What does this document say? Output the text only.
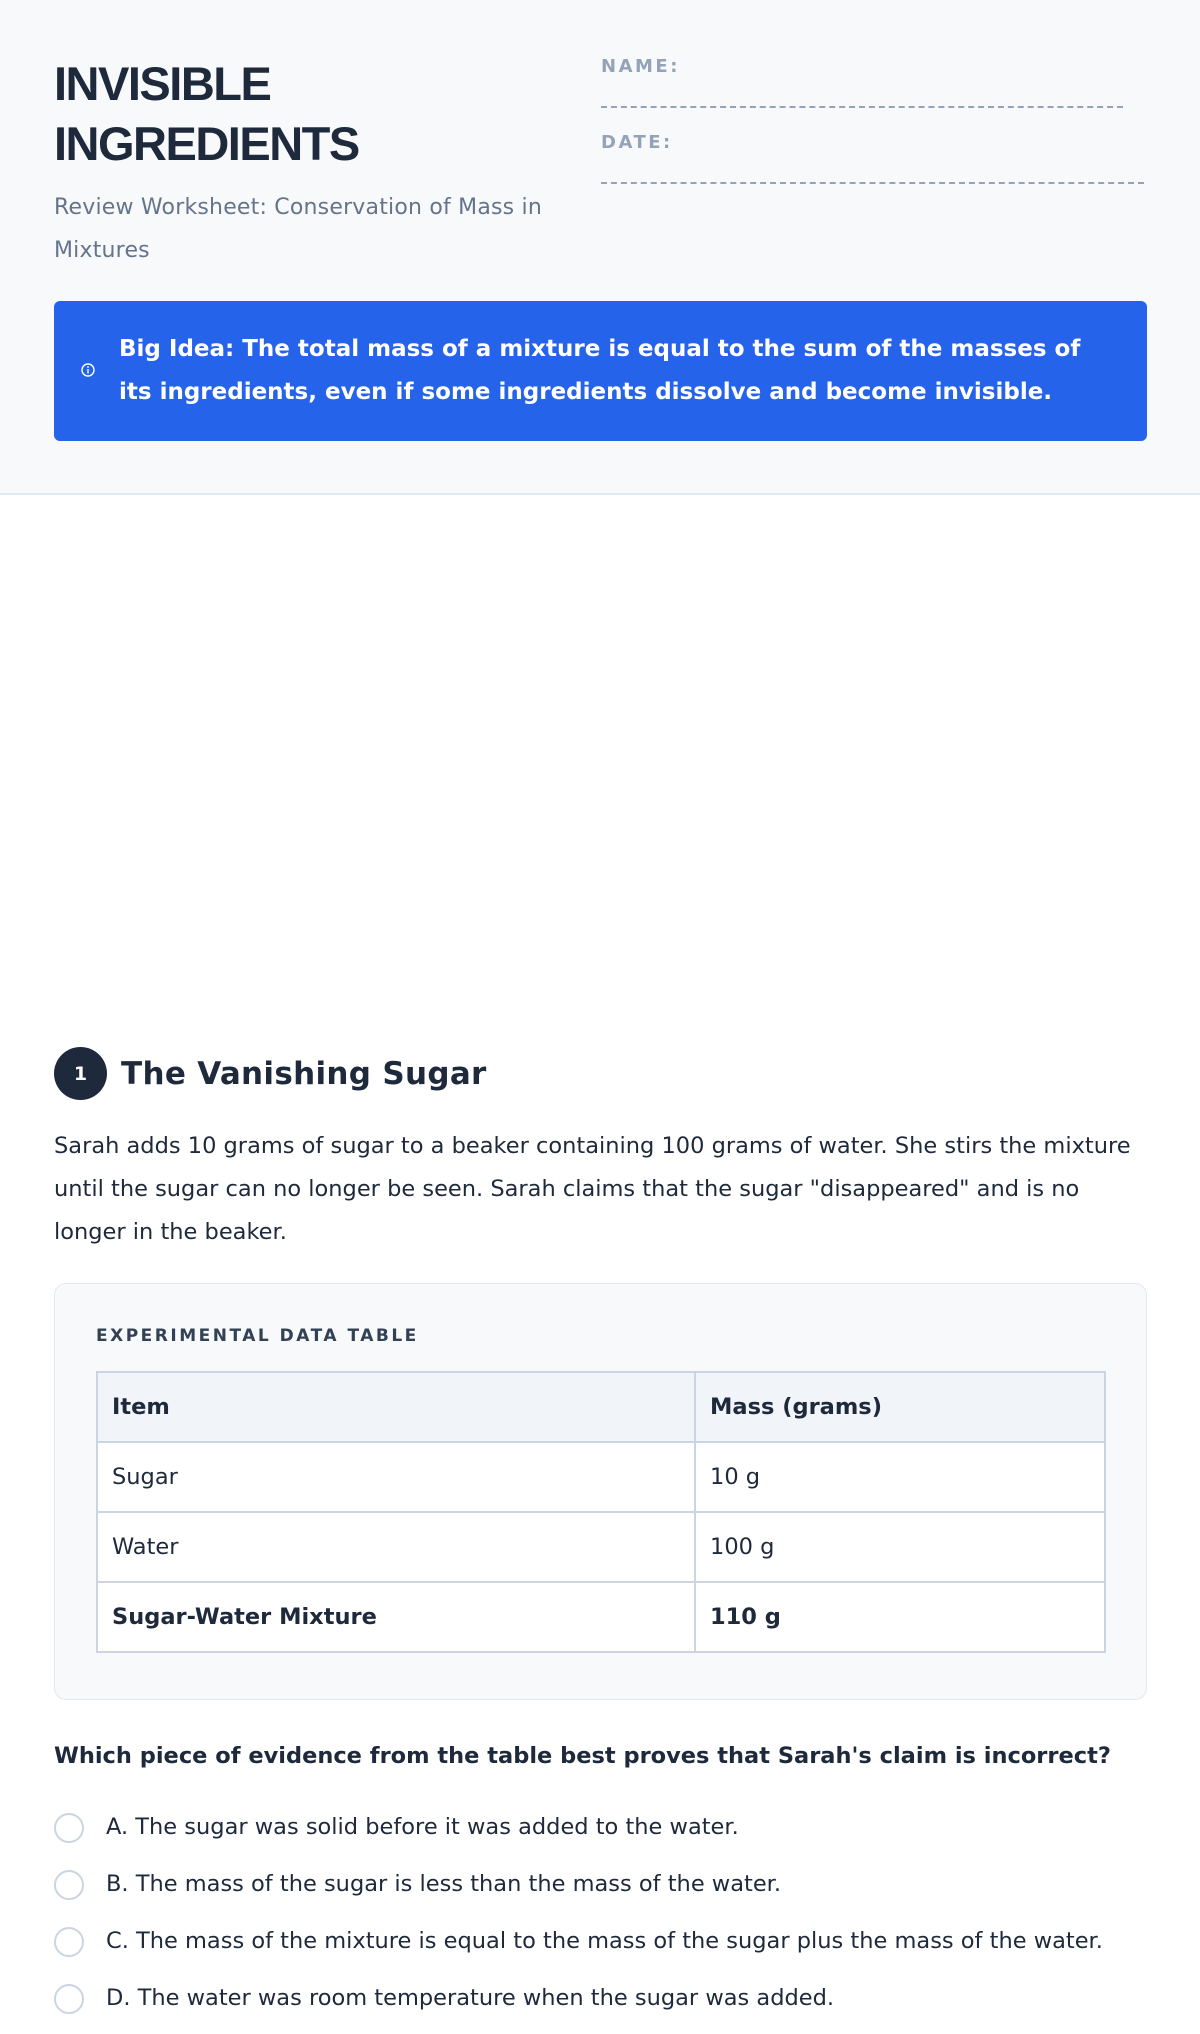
INVISIBLE
INGREDIENTS
Review Worksheet: Conservation of Mass in Mixtures
NAME:
DATE:
Big Idea: The total mass of a mixture is equal to the sum of the masses of its ingredients, even if some ingredients dissolve and become invisible.
1	The Vanishing Sugar
Sarah adds 10 grams of sugar to a beaker containing 100 grams of water. She stirs the mixture until the sugar can no longer be seen. Sarah claims that the sugar "disappeared" and is no longer in the beaker.
EXPERIMENTAL DATA TABLE
Item	Mass (grams)
Sugar	10 g
Water	100 g
Sugar-Water Mixture	110 g
Which piece of evidence from the table best proves that Sarah's claim is incorrect?
A. The sugar was solid before it was added to the water.
B. The mass of the sugar is less than the mass of the water.
C. The mass of the mixture is equal to the mass of the sugar plus the mass of the water.
D. The water was room temperature when the sugar was added.
